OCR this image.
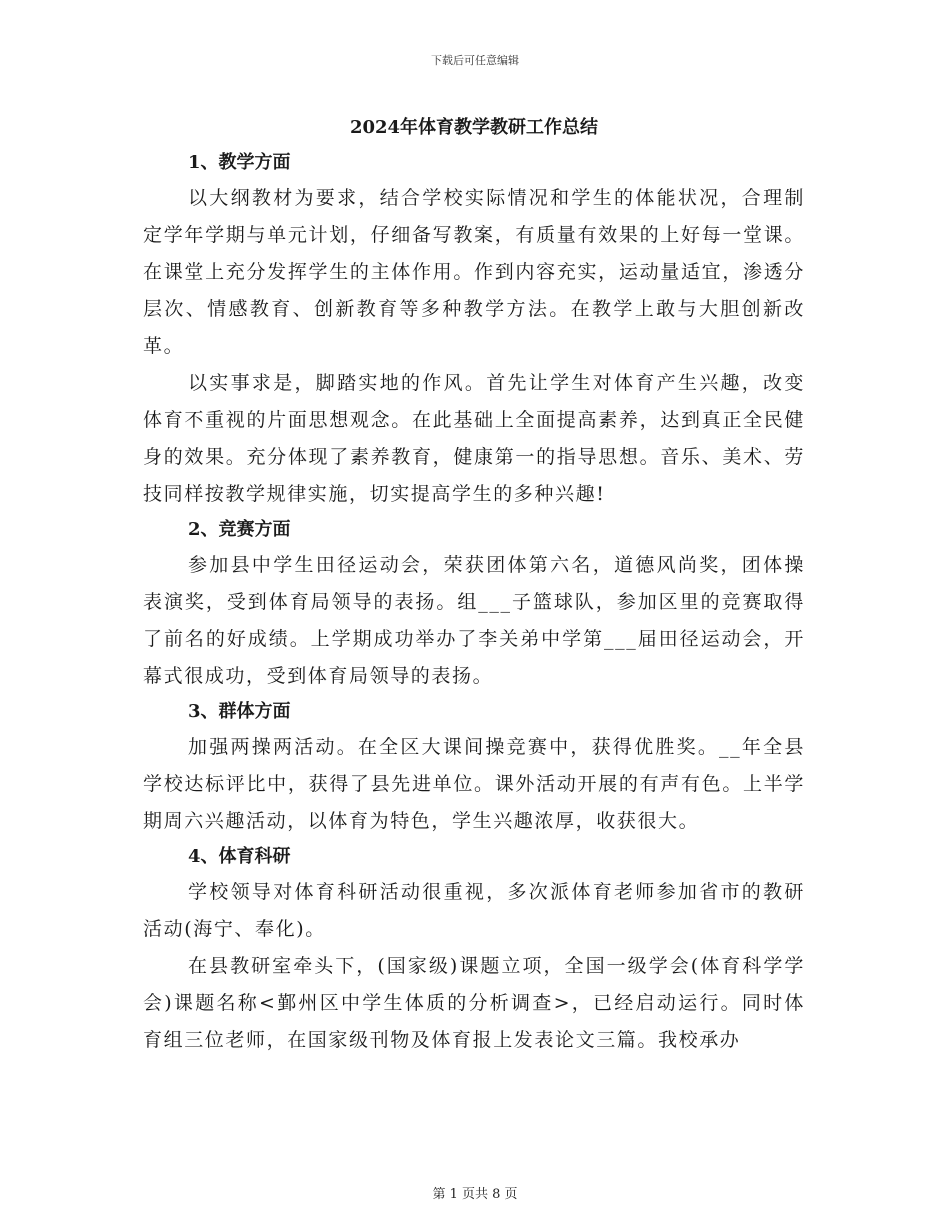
下载后可任意编辑
2024年体育教学教研工作总结
1、教学方面

以大纲教材为要求，结合学校实际情况和学生的体能状况，合理制定学年学期与单元计划，仔细备写教案，有质量有效果的上好每一堂课。在课堂上充分发挥学生的主体作用。作到内容充实，运动量适宜，渗透分层次、情感教育、创新教育等多种教学方法。在教学上敢与大胆创新改革。

以实事求是，脚踏实地的作风。首先让学生对体育产生兴趣，改变体育不重视的片面思想观念。在此基础上全面提高素养，达到真正全民健身的效果。充分体现了素养教育，健康第一的指导思想。音乐、美术、劳技同样按教学规律实施，切实提高学生的多种兴趣!

2、竞赛方面

参加县中学生田径运动会，荣获团体第六名，道德风尚奖，团体操表演奖，受到体育局领导的表扬。组___子篮球队，参加区里的竞赛取得了前名的好成绩。上学期成功举办了李关弟中学第___届田径运动会，开幕式很成功，受到体育局领导的表扬。

3、群体方面

加强两操两活动。在全区大课间操竞赛中，获得优胜奖。__年全县学校达标评比中，获得了县先进单位。课外活动开展的有声有色。上半学期周六兴趣活动，以体育为特色，学生兴趣浓厚，收获很大。

4、体育科研

学校领导对体育科研活动很重视，多次派体育老师参加省市的教研活动(海宁、奉化)。

在县教研室牵头下，(国家级)课题立项，全国一级学会(体育科学学会)课题名称<鄞州区中学生体质的分析调查>，已经启动运行。同时体育组三位老师，在国家级刊物及体育报上发表论文三篇。我校承办

第 1 页共 8 页
